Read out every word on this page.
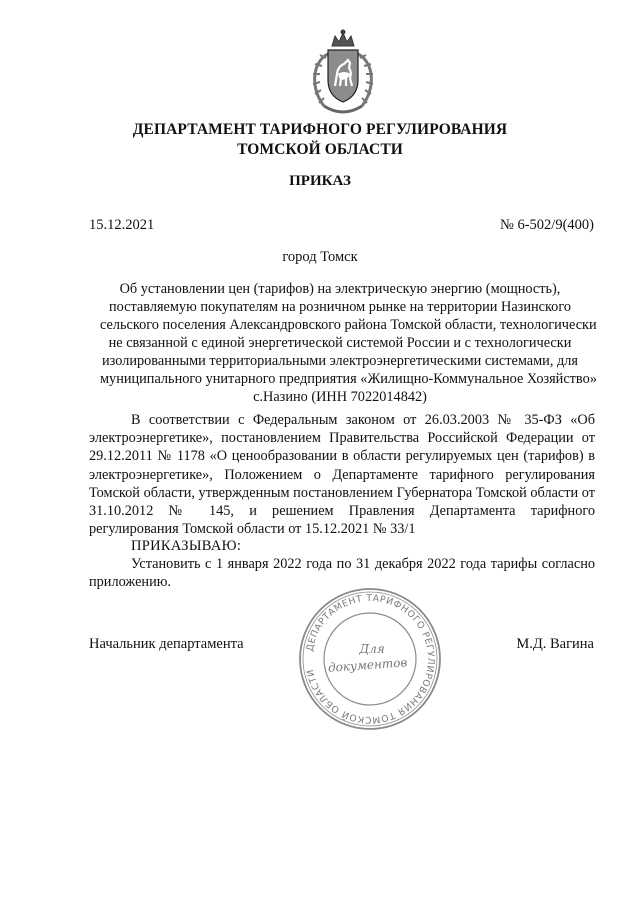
ДЕПАРТАМЕНТ ТАРИФНОГО РЕГУЛИРОВАНИЯ
ТОМСКОЙ ОБЛАСТИ
ПРИКАЗ
15.12.2021	№ 6-502/9(400)
город Томск
Об установлении цен (тарифов) на электрическую энергию (мощность),
поставляемую покупателям на розничном рынке на территории Назинского
сельского поселения Александровского района Томской области, технологически
не связанной с единой энергетической системой России и с технологически
изолированными территориальными электроэнергетическими системами, для
муниципального унитарного предприятия «Жилищно-Коммунальное Хозяйство»
с.Назино (ИНН 7022014842)
В соответствии с Федеральным законом от 26.03.2003 № 35-ФЗ «Об электроэнергетике», постановлением Правительства Российской Федерации от 29.12.2011 № 1178 «О ценообразовании в области регулируемых цен (тарифов) в электроэнергетике», Положением о Департаменте тарифного регулирования Томской области, утвержденным постановлением Губернатора Томской области от 31.10.2012 № 145, и решением Правления Департамента тарифного регулирования Томской области от 15.12.2021 № 33/1
ПРИКАЗЫВАЮ:
Установить с 1 января 2022 года по 31 декабря 2022 года тарифы согласно приложению.
Начальник департамента	М.Д. Вагина
ДЕПАРТАМЕНТ ТАРИФНОГО РЕГУЛИРОВАНИЯ ТОМСКОЙ ОБЛАСТИ
Для
документов
